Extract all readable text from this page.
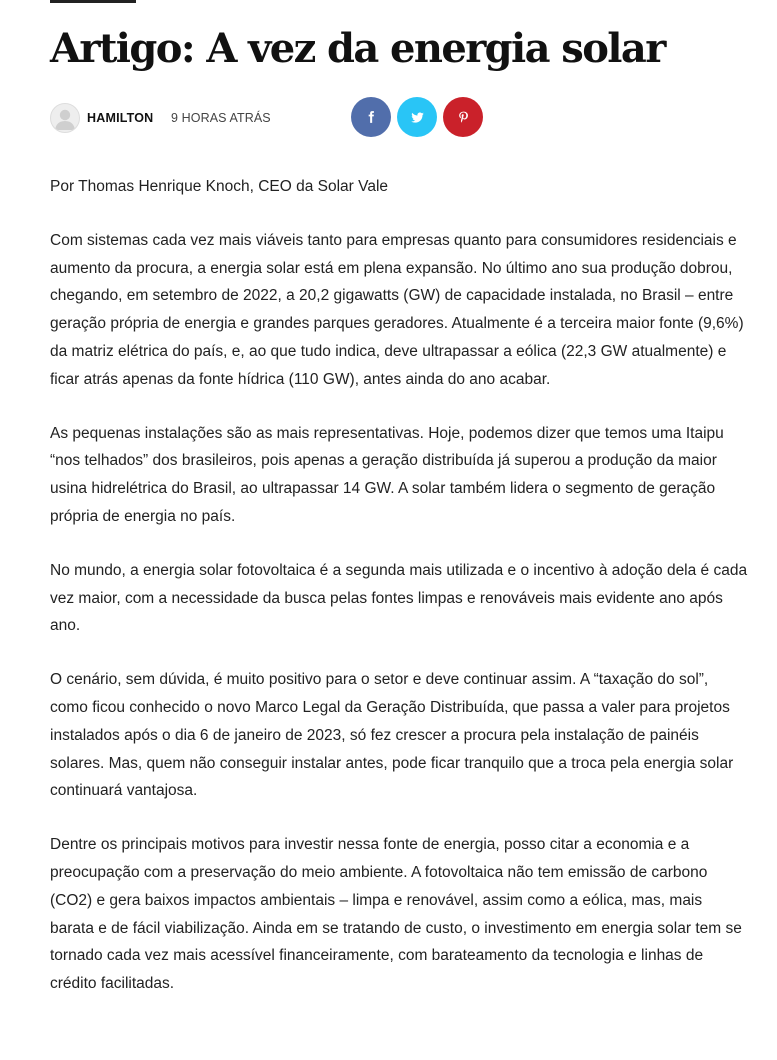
Artigo: A vez da energia solar
HAMILTON 9 HORAS ATRÁS

Por Thomas Henrique Knoch, CEO da Solar Vale

Com sistemas cada vez mais viáveis tanto para empresas quanto para consumidores residenciais e aumento da procura, a energia solar está em plena expansão. No último ano sua produção dobrou, chegando, em setembro de 2022, a 20,2 gigawatts (GW) de capacidade instalada, no Brasil – entre geração própria de energia e grandes parques geradores. Atualmente é a terceira maior fonte (9,6%) da matriz elétrica do país, e, ao que tudo indica, deve ultrapassar a eólica (22,3 GW atualmente) e ficar atrás apenas da fonte hídrica (110 GW), antes ainda do ano acabar.

As pequenas instalações são as mais representativas. Hoje, podemos dizer que temos uma Itaipu “nos telhados” dos brasileiros, pois apenas a geração distribuída já superou a produção da maior usina hidrelétrica do Brasil, ao ultrapassar 14 GW. A solar também lidera o segmento de geração própria de energia no país.

No mundo, a energia solar fotovoltaica é a segunda mais utilizada e o incentivo à adoção dela é cada vez maior, com a necessidade da busca pelas fontes limpas e renováveis mais evidente ano após ano.

O cenário, sem dúvida, é muito positivo para o setor e deve continuar assim. A “taxação do sol”, como ficou conhecido o novo Marco Legal da Geração Distribuída, que passa a valer para projetos instalados após o dia 6 de janeiro de 2023, só fez crescer a procura pela instalação de painéis solares. Mas, quem não conseguir instalar antes, pode ficar tranquilo que a troca pela energia solar continuará vantajosa.

Dentre os principais motivos para investir nessa fonte de energia, posso citar a economia e a preocupação com a preservação do meio ambiente. A fotovoltaica não tem emissão de carbono (CO2) e gera baixos impactos ambientais – limpa e renovável, assim como a eólica, mas, mais barata e de fácil viabilização. Ainda em se tratando de custo, o investimento em energia solar tem se tornado cada vez mais acessível financeiramente, com barateamento da tecnologia e linhas de crédito facilitadas.
